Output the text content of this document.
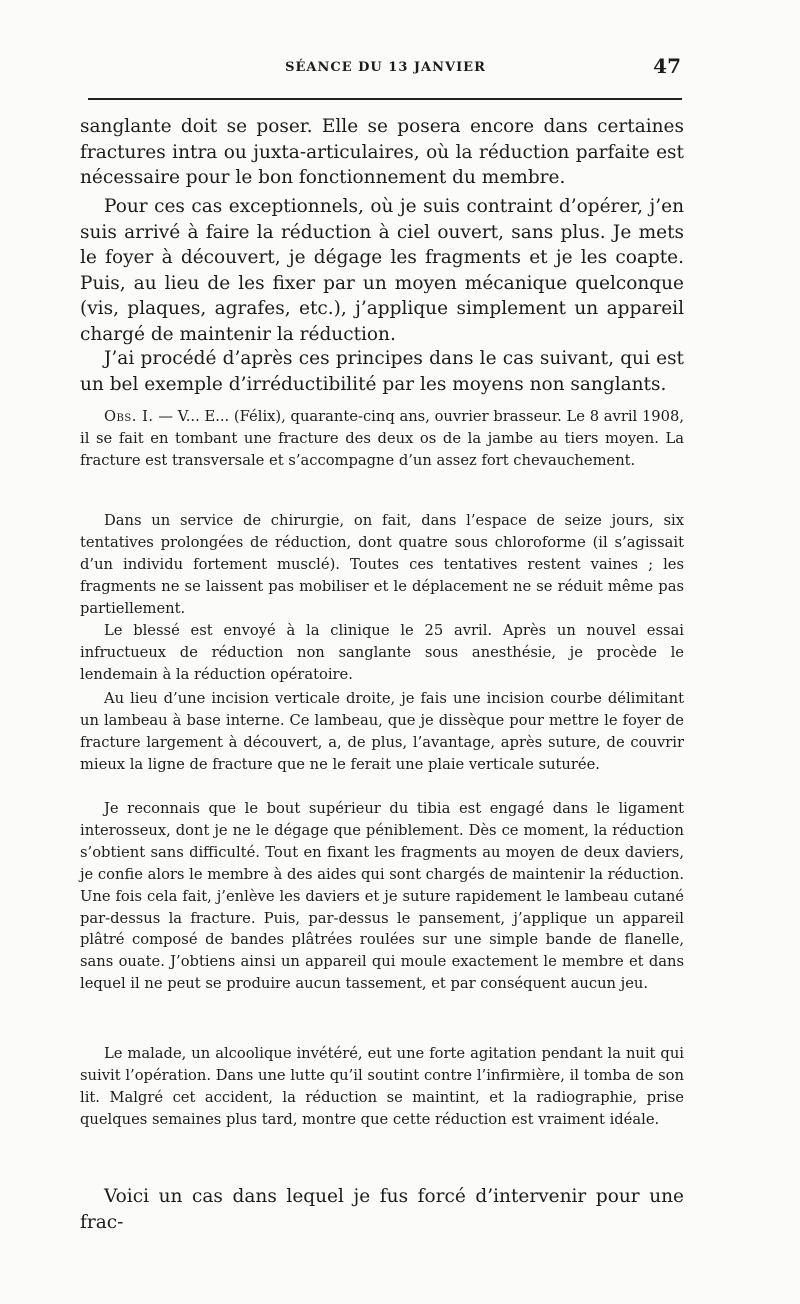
SÉANCE DU 13 JANVIER	47

sanglante doit se poser. Elle se posera encore dans certaines fractures intra ou juxta-articulaires, où la réduction parfaite est nécessaire pour le bon fonctionnement du membre.

Pour ces cas exceptionnels, où je suis contraint d’opérer, j’en suis arrivé à faire la réduction à ciel ouvert, sans plus. Je mets le foyer à découvert, je dégage les fragments et je les coapte. Puis, au lieu de les fixer par un moyen mécanique quelconque (vis, plaques, agrafes, etc.), j’applique simplement un appareil chargé de maintenir la réduction.

J’ai procédé d’après ces principes dans le cas suivant, qui est un bel exemple d’irréductibilité par les moyens non sanglants.

Obs. I. — V... E... (Félix), quarante-cinq ans, ouvrier brasseur. Le 8 avril 1908, il se fait en tombant une fracture des deux os de la jambe au tiers moyen. La fracture est transversale et s’accompagne d’un assez fort chevauchement.

Dans un service de chirurgie, on fait, dans l’espace de seize jours, six tentatives prolongées de réduction, dont quatre sous chloroforme (il s’agissait d’un individu fortement musclé). Toutes ces tentatives restent vaines ; les fragments ne se laissent pas mobiliser et le déplacement ne se réduit même pas partiellement.

Le blessé est envoyé à la clinique le 25 avril. Après un nouvel essai infructueux de réduction non sanglante sous anesthésie, je procède le lendemain à la réduction opératoire.

Au lieu d’une incision verticale droite, je fais une incision courbe délimitant un lambeau à base interne. Ce lambeau, que je dissèque pour mettre le foyer de fracture largement à découvert, a, de plus, l’avantage, après suture, de couvrir mieux la ligne de fracture que ne le ferait une plaie verticale suturée.

Je reconnais que le bout supérieur du tibia est engagé dans le ligament interosseux, dont je ne le dégage que péniblement. Dès ce moment, la réduction s’obtient sans difficulté. Tout en fixant les fragments au moyen de deux daviers, je confie alors le membre à des aides qui sont chargés de maintenir la réduction. Une fois cela fait, j’enlève les daviers et je suture rapidement le lambeau cutané par-dessus la fracture. Puis, par-dessus le pansement, j’applique un appareil plâtré composé de bandes plâtrées roulées sur une simple bande de flanelle, sans ouate. J’obtiens ainsi un appareil qui moule exactement le membre et dans lequel il ne peut se produire aucun tassement, et par conséquent aucun jeu.

Le malade, un alcoolique invétéré, eut une forte agitation pendant la nuit qui suivit l’opération. Dans une lutte qu’il soutint contre l’infirmière, il tomba de son lit. Malgré cet accident, la réduction se maintint, et la radiographie, prise quelques semaines plus tard, montre que cette réduction est vraiment idéale.

Voici un cas dans lequel je fus forcé d’intervenir pour une frac-
